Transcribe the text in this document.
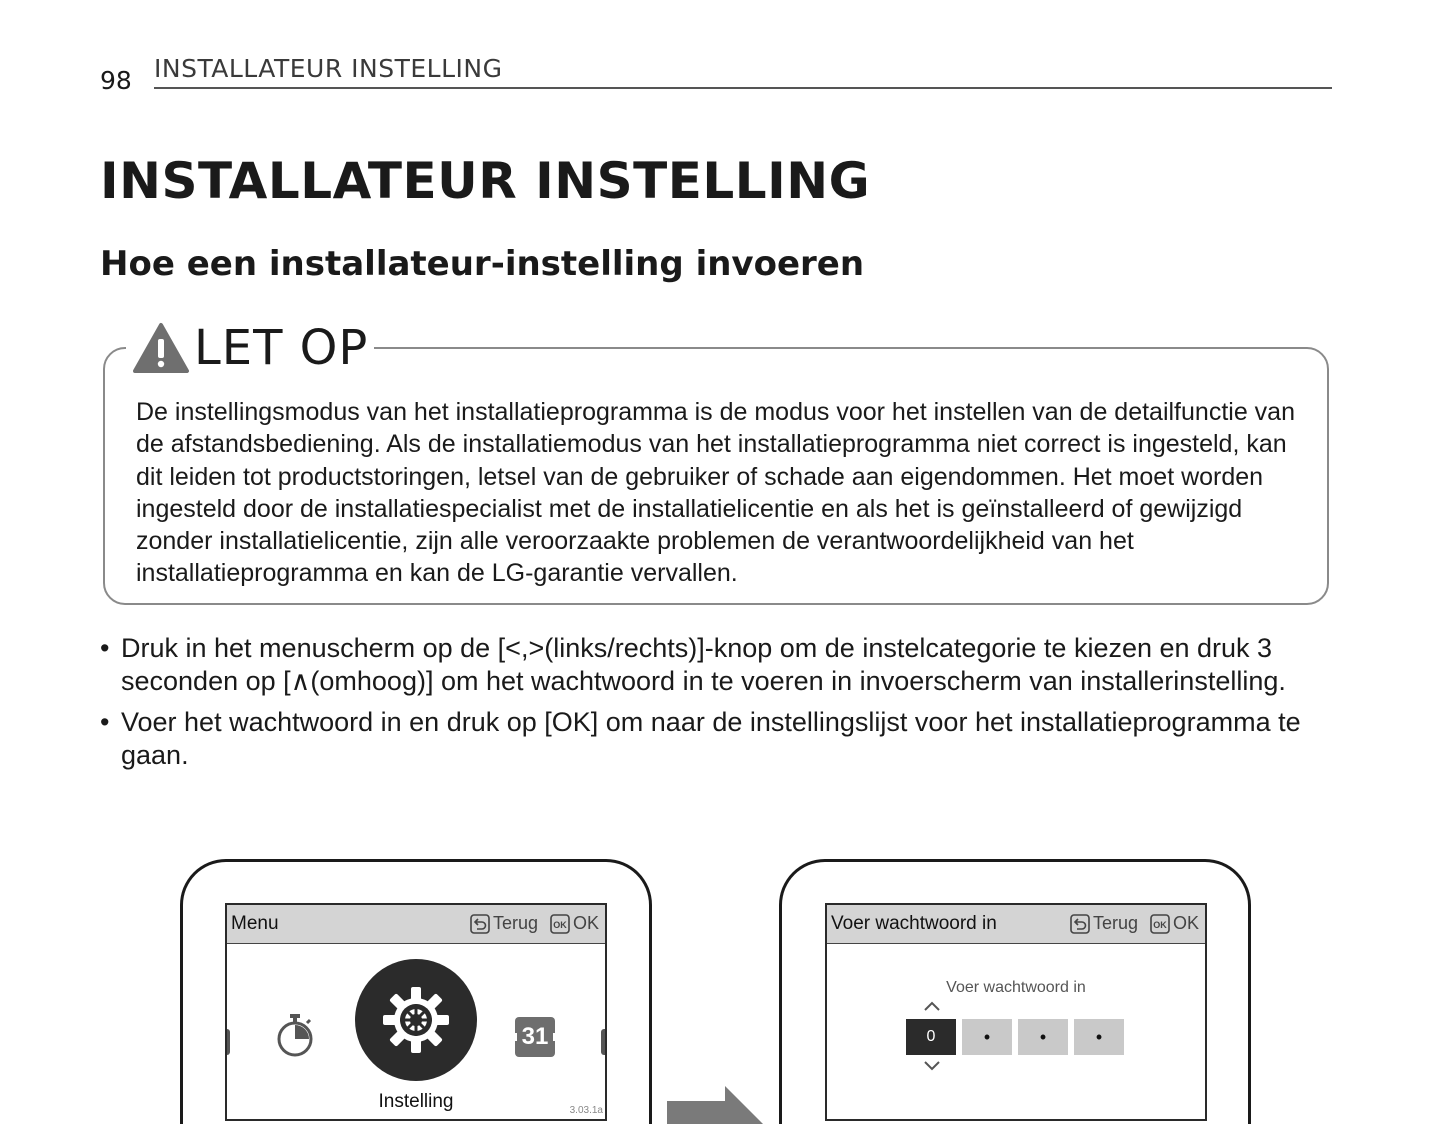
98 INSTALLATEUR INSTELLING
INSTALLATEUR INSTELLING
Hoe een installateur-instelling invoeren
LET OP

De instellingsmodus van het installatieprogramma is de modus voor het instellen van de detailfunctie van de afstandsbediening. Als de installatiemodus van het installatieprogramma niet correct is ingesteld, kan dit leiden tot productstoringen, letsel van de gebruiker of schade aan eigendommen. Het moet worden ingesteld door de installatiespecialist met de installatielicentie en als het is geïnstalleerd of gewijzigd zonder installatielicentie, zijn alle veroorzaakte problemen de verantwoordelijkheid van het installatieprogramma en kan de LG-garantie vervallen.

• Druk in het menuscherm op de [<,>(links/rechts)]-knop om de instelcategorie te kiezen en druk 3 seconden op [∧(omhoog)] om het wachtwoord in te voeren in invoerscherm van installerinstelling.
• Voer het wachtwoord in en druk op [OK] om naar de instellingslijst voor het installatieprogramma te gaan.
Menu	Terug OK OK
31
Instelling	3.03.1a
Voer wachtwoord in	Terug OK OK
Voer wachtwoord in
0	•	•	•
